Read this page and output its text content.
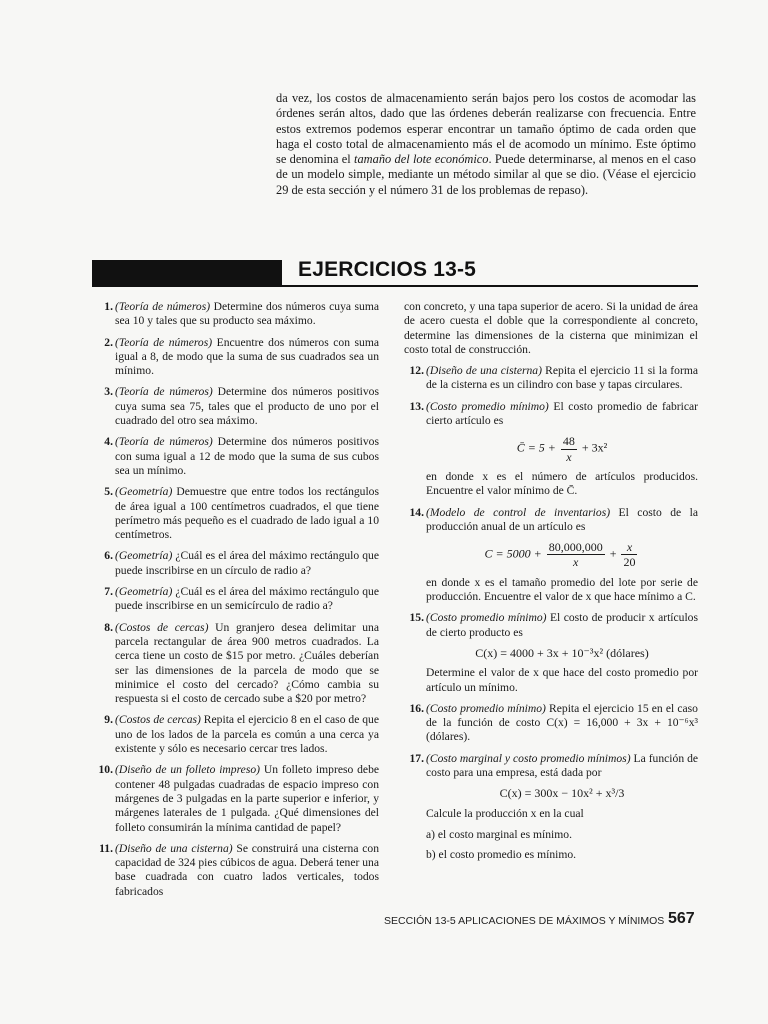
da vez, los costos de almacenamiento serán bajos pero los costos de acomodar las órdenes serán altos, dado que las órdenes deberán realizarse con frecuencia. Entre estos extremos podemos esperar encontrar un tamaño óptimo de cada orden que haga el costo total de almacenamiento más el de acomodo un mínimo. Este óptimo se denomina el tamaño del lote económico. Puede determinarse, al menos en el caso de un modelo simple, mediante un método similar al que se dio. (Véase el ejercicio 29 de esta sección y el número 31 de los problemas de repaso).

EJERCICIOS 13-5
1. (Teoría de números) Determine dos números cuya suma sea 10 y tales que su producto sea máximo.
2. (Teoría de números) Encuentre dos números con suma igual a 8, de modo que la suma de sus cuadrados sea un mínimo.
3. (Teoría de números) Determine dos números positivos cuya suma sea 75, tales que el producto de uno por el cuadrado del otro sea máximo.
4. (Teoría de números) Determine dos números positivos con suma igual a 12 de modo que la suma de sus cubos sea un mínimo.
5. (Geometría) Demuestre que entre todos los rectángulos de área igual a 100 centímetros cuadrados, el que tiene perímetro más pequeño es el cuadrado de lado igual a 10 centímetros.
6. (Geometría) ¿Cuál es el área del máximo rectángulo que puede inscribirse en un círculo de radio a?
7. (Geometría) ¿Cuál es el área del máximo rectángulo que puede inscribirse en un semicírculo de radio a?
8. (Costos de cercas) Un granjero desea delimitar una parcela rectangular de área 900 metros cuadrados. La cerca tiene un costo de $15 por metro. ¿Cuáles deberían ser las dimensiones de la parcela de modo que se minimice el costo del cercado? ¿Cómo cambia su respuesta si el costo de cercado sube a $20 por metro?
9. (Costos de cercas) Repita el ejercicio 8 en el caso de que uno de los lados de la parcela es común a una cerca ya existente y sólo es necesario cercar tres lados.
10. (Diseño de un folleto impreso) Un folleto impreso debe contener 48 pulgadas cuadradas de espacio impreso con márgenes de 3 pulgadas en la parte superior e inferior, y márgenes laterales de 1 pulgada. ¿Qué dimensiones del folleto consumirán la mínima cantidad de papel?
11. (Diseño de una cisterna) Se construirá una cisterna con capacidad de 324 pies cúbicos de agua. Deberá tener una base cuadrada con cuatro lados verticales, todos fabricados
con concreto, y una tapa superior de acero. Si la unidad de área de acero cuesta el doble que la correspondiente al concreto, determine las dimensiones de la cisterna que minimizan el costo total de construcción.
12. (Diseño de una cisterna) Repita el ejercicio 11 si la forma de la cisterna es un cilindro con base y tapas circulares.
13. (Costo promedio mínimo) El costo promedio de fabricar cierto artículo es
C̄ = $5 + \frac{48}{x} + 3x^2$
en donde x es el número de artículos producidos. Encuentre el valor mínimo de C̄.
14. (Modelo de control de inventarios) El costo de la producción anual de un artículo es
$C = 5000 + \frac{80,000,000}{x} + \frac{x}{20}$
en donde x es el tamaño promedio del lote por serie de producción. Encuentre el valor de x que hace mínimo a C.
15. (Costo promedio mínimo) El costo de producir x artículos de cierto producto es
C(x) = 4000 + 3x + 10⁻³x² (dólares)
Determine el valor de x que hace del costo promedio por artículo un mínimo.
16. (Costo promedio mínimo) Repita el ejercicio 15 en el caso de la función de costo C(x) = 16,000 + 3x + 10⁻⁶x³ (dólares).
17. (Costo marginal y costo promedio mínimos) La función de costo para una empresa, está dada por
C(x) = 300x − 10x² + x³/3
Calcule la producción x en la cual
a) el costo marginal es mínimo.
b) el costo promedio es mínimo.
SECCIÓN 13-5 APLICACIONES DE MÁXIMOS Y MÍNIMOS 567
